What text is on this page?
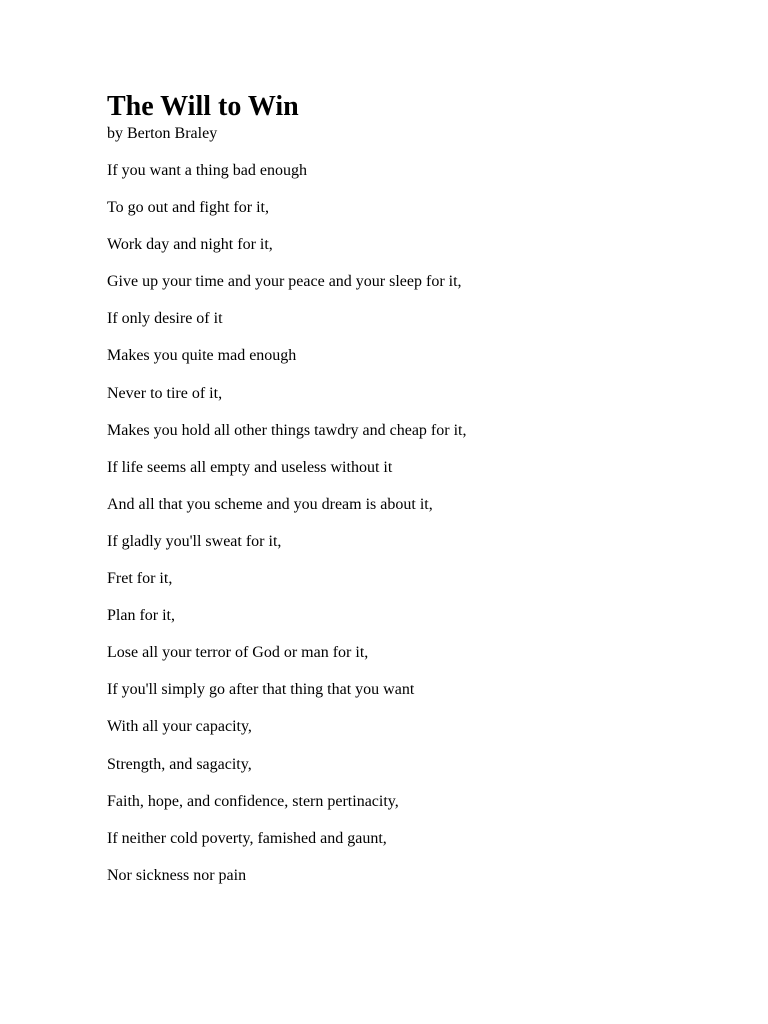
The Will to Win

by Berton Braley

If you want a thing bad enough
To go out and fight for it,
Work day and night for it,
Give up your time and your peace and your sleep for it,
If only desire of it
Makes you quite mad enough
Never to tire of it,
Makes you hold all other things tawdry and cheap for it,
If life seems all empty and useless without it
And all that you scheme and you dream is about it,
If gladly you'll sweat for it,
Fret for it,
Plan for it,
Lose all your terror of God or man for it,
If you'll simply go after that thing that you want
With all your capacity,
Strength, and sagacity,
Faith, hope, and confidence, stern pertinacity,
If neither cold poverty, famished and gaunt,
Nor sickness nor pain
